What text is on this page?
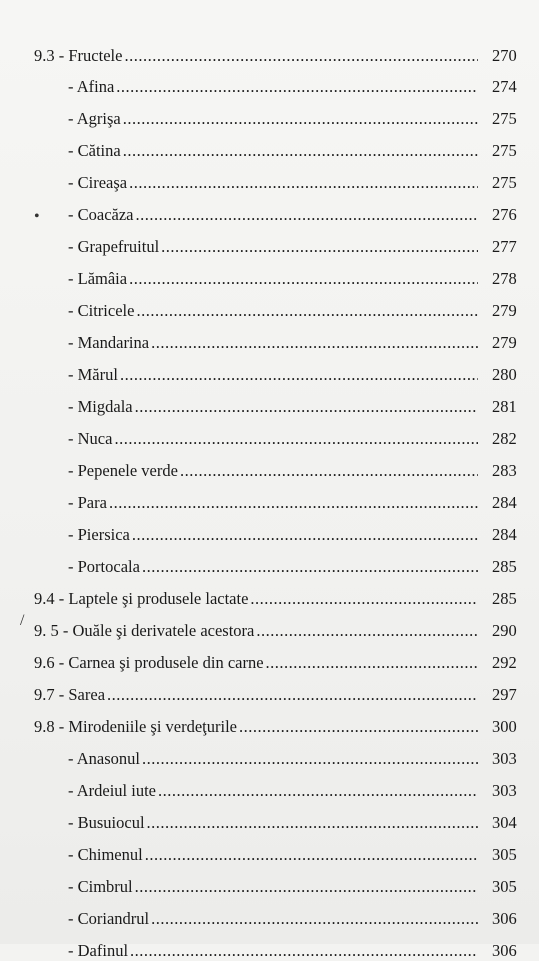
•
/
9.3 - Fructele .....	270
- Afina .....	274
- Agrişa .....	275
- Cătina .....	275
- Cireaşa .....	275
- Coacăza .....	276
- Grapefruitul .....	277
- Lămâia .....	278
- Citricele .....	279
- Mandarina .....	279
- Mărul .....	280
- Migdala .....	281
- Nuca .....	282
- Pepenele verde .....	283
- Para .....	284
- Piersica .....	284
- Portocala .....	285
9.4 - Laptele şi produsele lactate .....	285
9. 5 - Ouăle şi derivatele acestora .....	290
9.6 - Carnea şi produsele din carne .....	292
9.7 - Sarea .....	297
9.8 - Mirodeniile şi verdeţurile .....	300
- Anasonul .....	303
- Ardeiul iute .....	303
- Busuiocul .....	304
- Chimenul .....	305
- Cimbrul .....	305
- Coriandrul .....	306
- Dafinul .....	306
